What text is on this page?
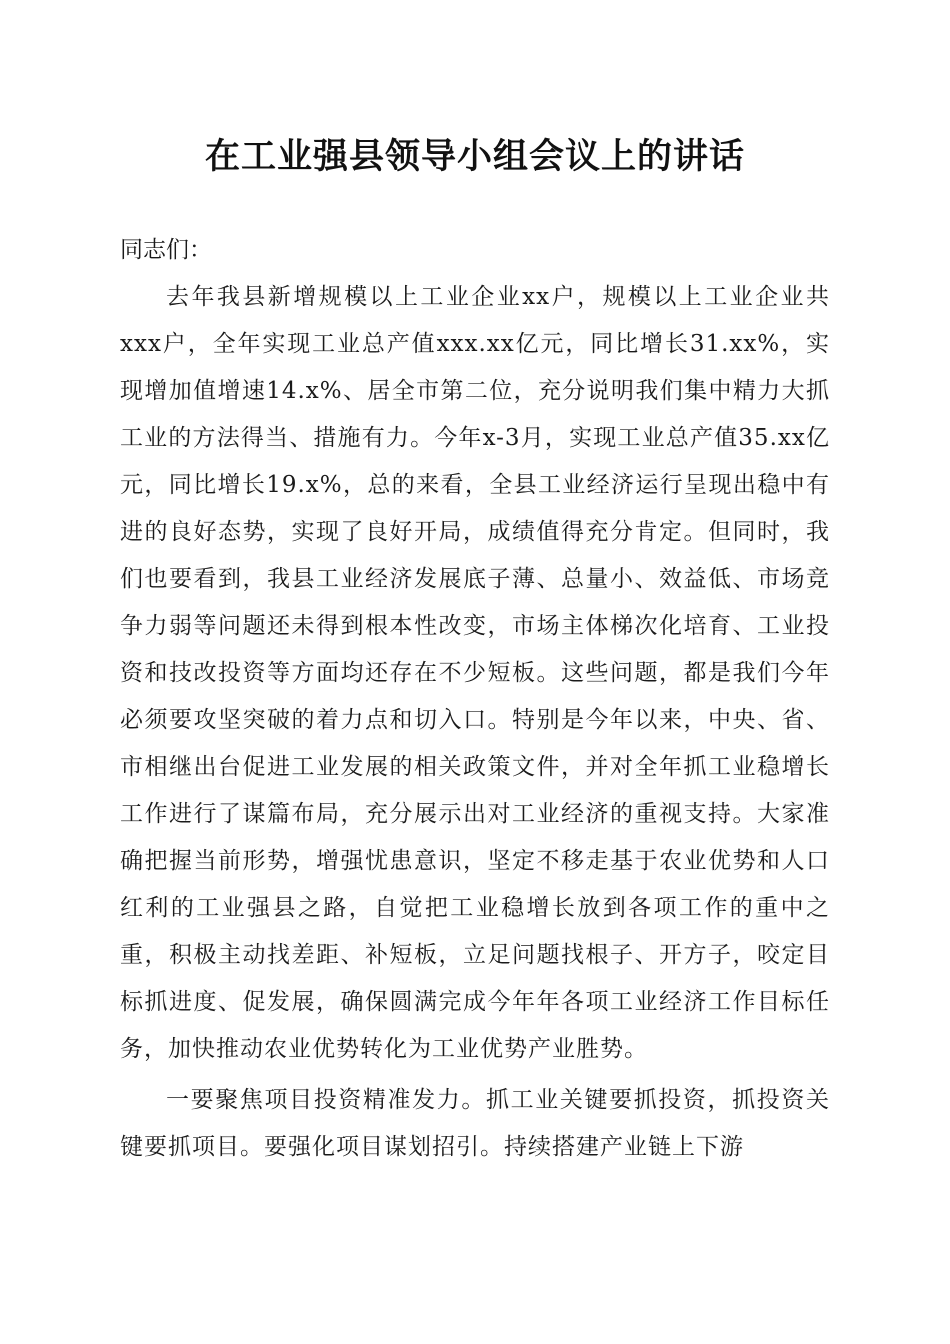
在工业强县领导小组会议上的讲话

同志们：

去年我县新增规模以上工业企业xx户，规模以上工业企业共xxx户，全年实现工业总产值xxx.xx亿元，同比增长31.xx%，实现增加值增速14.x%、居全市第二位，充分说明我们集中精力大抓工业的方法得当、措施有力。今年x-3月，实现工业总产值35.xx亿元，同比增长19.x%，总的来看，全县工业经济运行呈现出稳中有进的良好态势，实现了良好开局，成绩值得充分肯定。但同时，我们也要看到，我县工业经济发展底子薄、总量小、效益低、市场竞争力弱等问题还未得到根本性改变，市场主体梯次化培育、工业投资和技改投资等方面均还存在不少短板。这些问题，都是我们今年必须要攻坚突破的着力点和切入口。特别是今年以来，中央、省、市相继出台促进工业发展的相关政策文件，并对全年抓工业稳增长工作进行了谋篇布局，充分展示出对工业经济的重视支持。大家准确把握当前形势，增强忧患意识，坚定不移走基于农业优势和人口红利的工业强县之路，自觉把工业稳增长放到各项工作的重中之重，积极主动找差距、补短板，立足问题找根子、开方子，咬定目标抓进度、促发展，确保圆满完成今年年各项工业经济工作目标任务，加快推动农业优势转化为工业优势产业胜势。

一要聚焦项目投资精准发力。抓工业关键要抓投资，抓投资关键要抓项目。要强化项目谋划招引。持续搭建产业链上下游
